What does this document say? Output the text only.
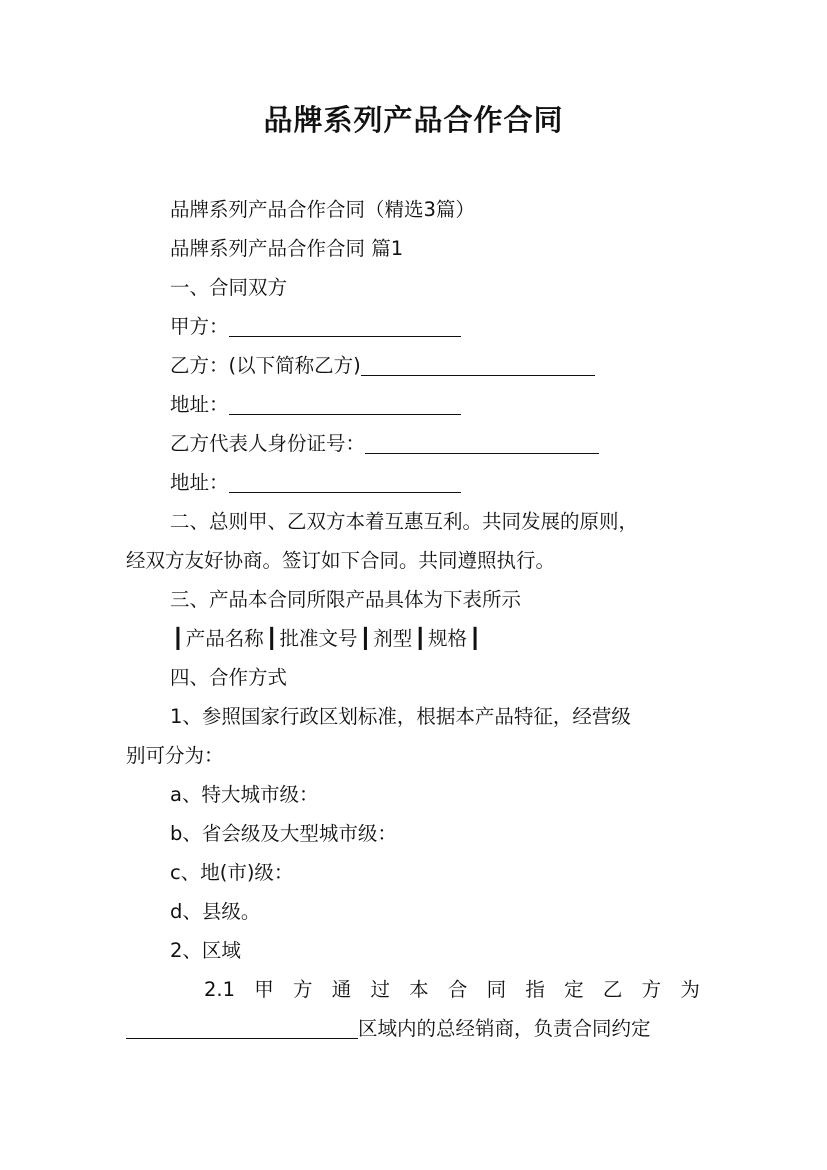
品牌系列产品合作合同
品牌系列产品合作合同（精选3篇）
品牌系列产品合作合同 篇1
一、合同双方
甲方：
乙方：(以下简称乙方)
地址：
乙方代表人身份证号：
地址：
二、总则甲、乙双方本着互惠互利。共同发展的原则，
经双方友好协商。签订如下合同。共同遵照执行。
三、产品本合同所限产品具体为下表所示
┃ 产品名称 ┃ 批准文号 ┃ 剂型 ┃ 规格 ┃
四、合作方式
1、参照国家行政区划标准，根据本产品特征，经营级
别可分为：
a、特大城市级：
b、省会级及大型城市级：
c、地(市)级：
d、县级。
2、区域
2.1 甲 方 通 过 本 合 同 指 定 乙 方 为
区域内的总经销商，负责合同约定
